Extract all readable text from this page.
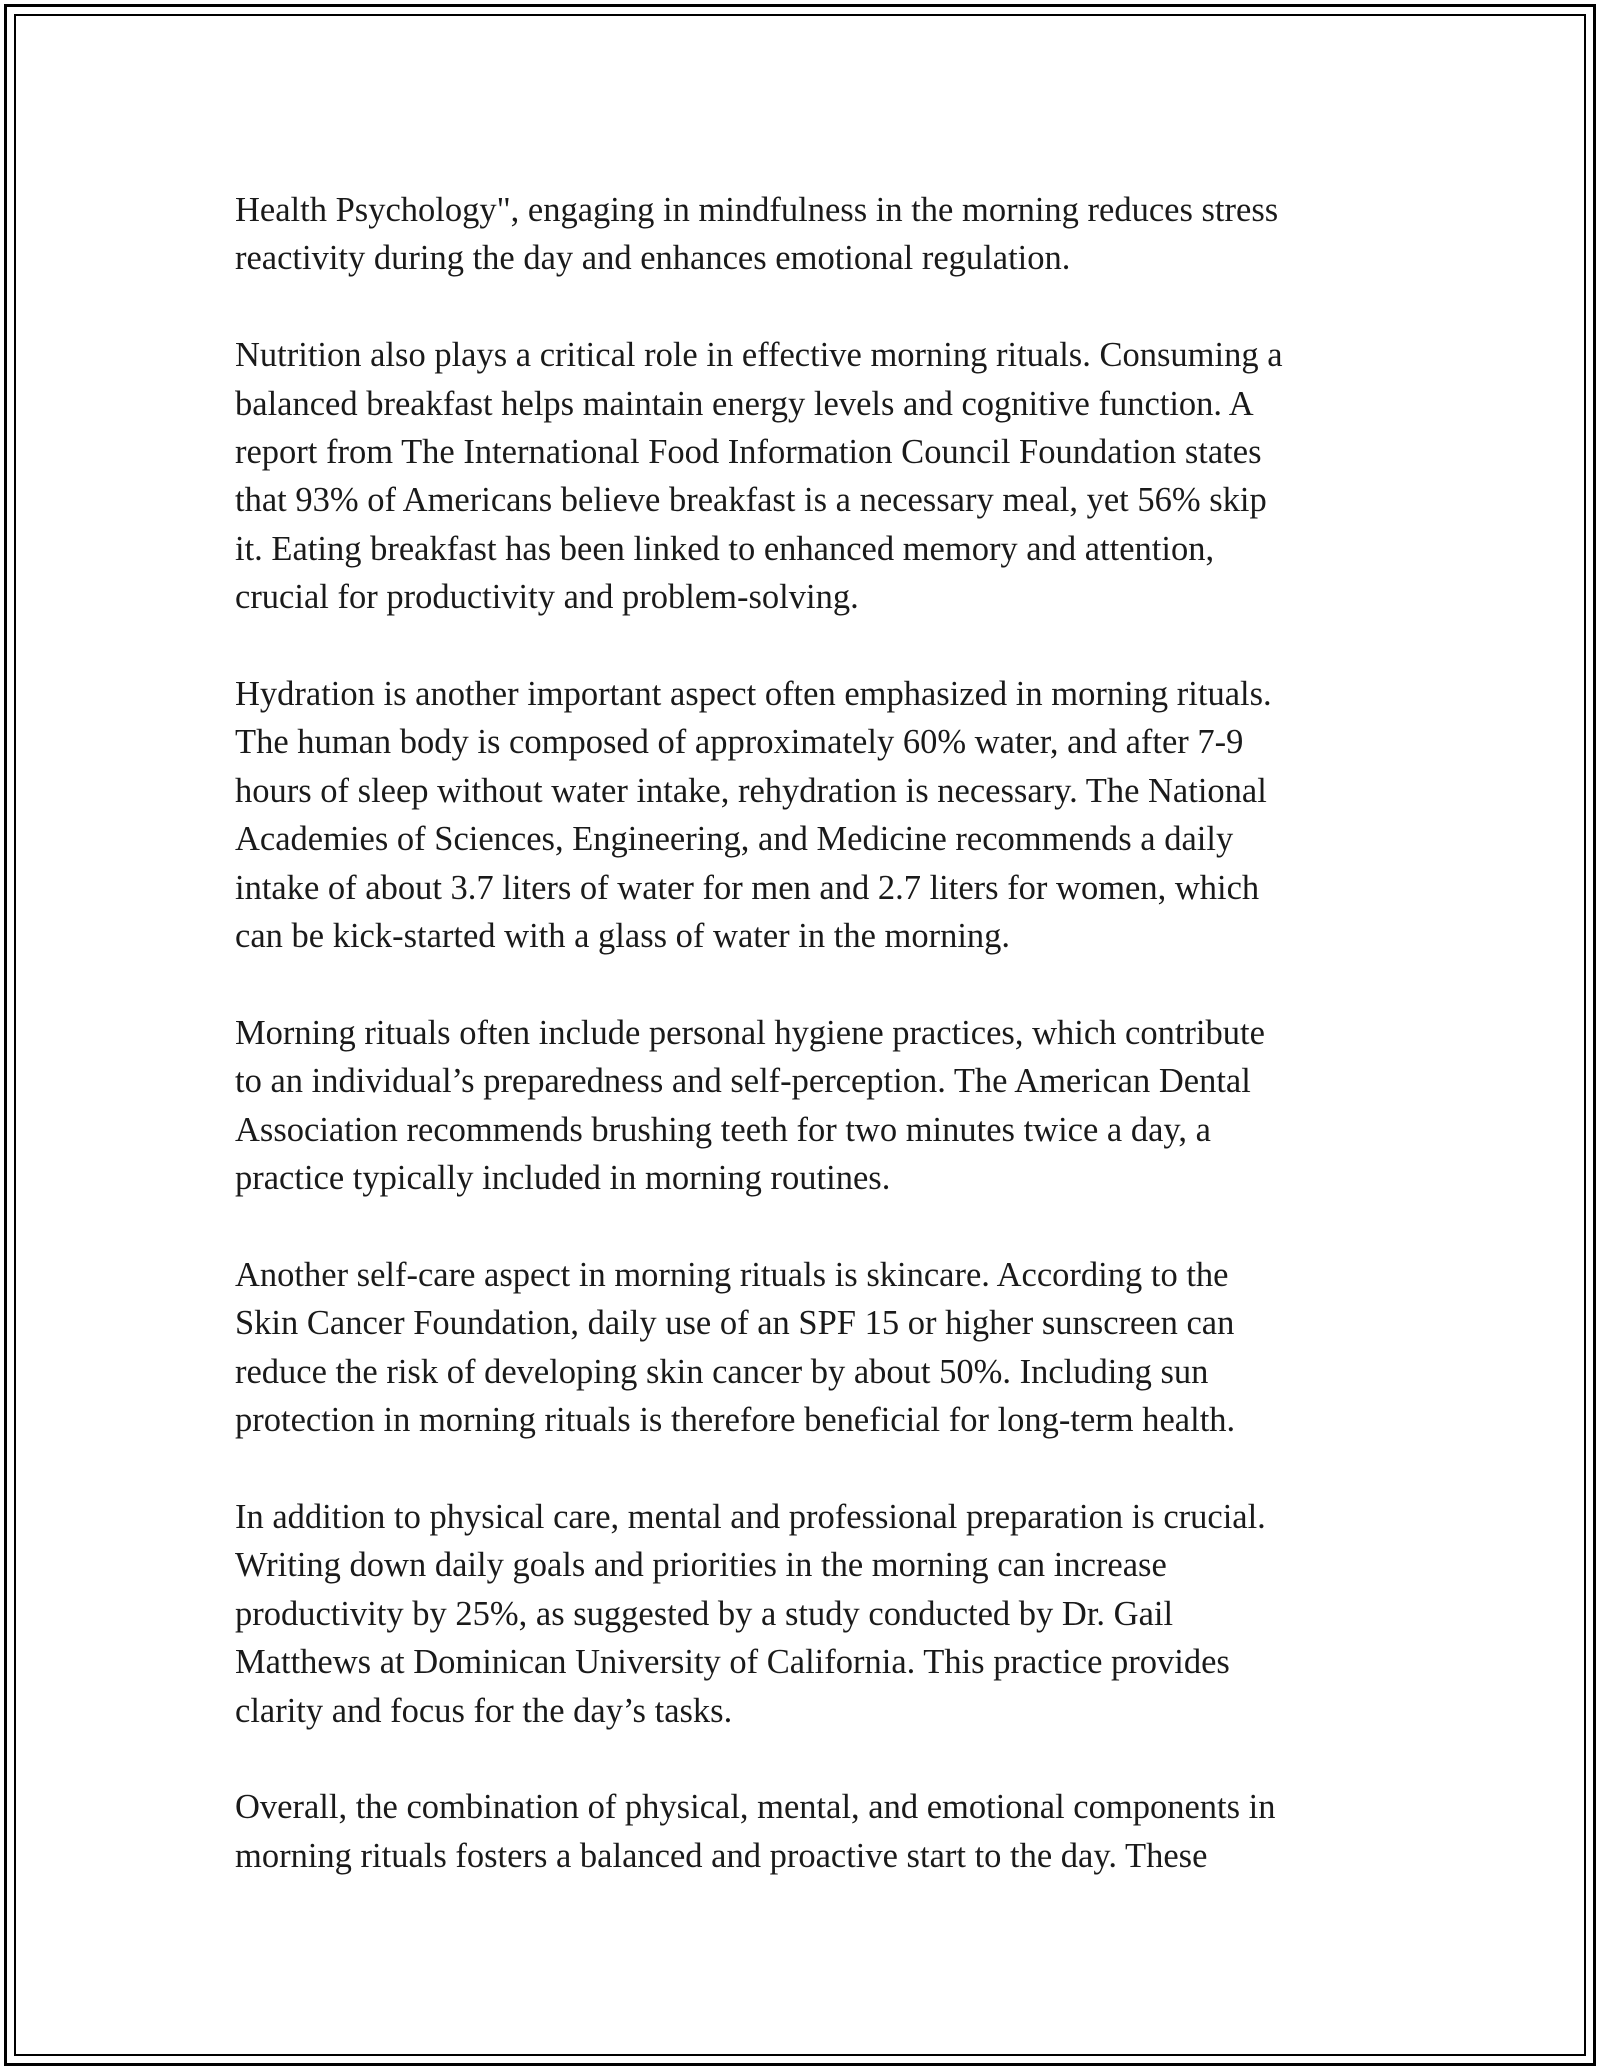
Health Psychology", engaging in mindfulness in the morning reduces stress
reactivity during the day and enhances emotional regulation.

Nutrition also plays a critical role in effective morning rituals. Consuming a
balanced breakfast helps maintain energy levels and cognitive function. A
report from The International Food Information Council Foundation states
that 93% of Americans believe breakfast is a necessary meal, yet 56% skip
it. Eating breakfast has been linked to enhanced memory and attention,
crucial for productivity and problem-solving.

Hydration is another important aspect often emphasized in morning rituals.
The human body is composed of approximately 60% water, and after 7-9
hours of sleep without water intake, rehydration is necessary. The National
Academies of Sciences, Engineering, and Medicine recommends a daily
intake of about 3.7 liters of water for men and 2.7 liters for women, which
can be kick-started with a glass of water in the morning.

Morning rituals often include personal hygiene practices, which contribute
to an individual’s preparedness and self-perception. The American Dental
Association recommends brushing teeth for two minutes twice a day, a
practice typically included in morning routines.

Another self-care aspect in morning rituals is skincare. According to the
Skin Cancer Foundation, daily use of an SPF 15 or higher sunscreen can
reduce the risk of developing skin cancer by about 50%. Including sun
protection in morning rituals is therefore beneficial for long-term health.

In addition to physical care, mental and professional preparation is crucial.
Writing down daily goals and priorities in the morning can increase
productivity by 25%, as suggested by a study conducted by Dr. Gail
Matthews at Dominican University of California. This practice provides
clarity and focus for the day’s tasks.

Overall, the combination of physical, mental, and emotional components in
morning rituals fosters a balanced and proactive start to the day. These
